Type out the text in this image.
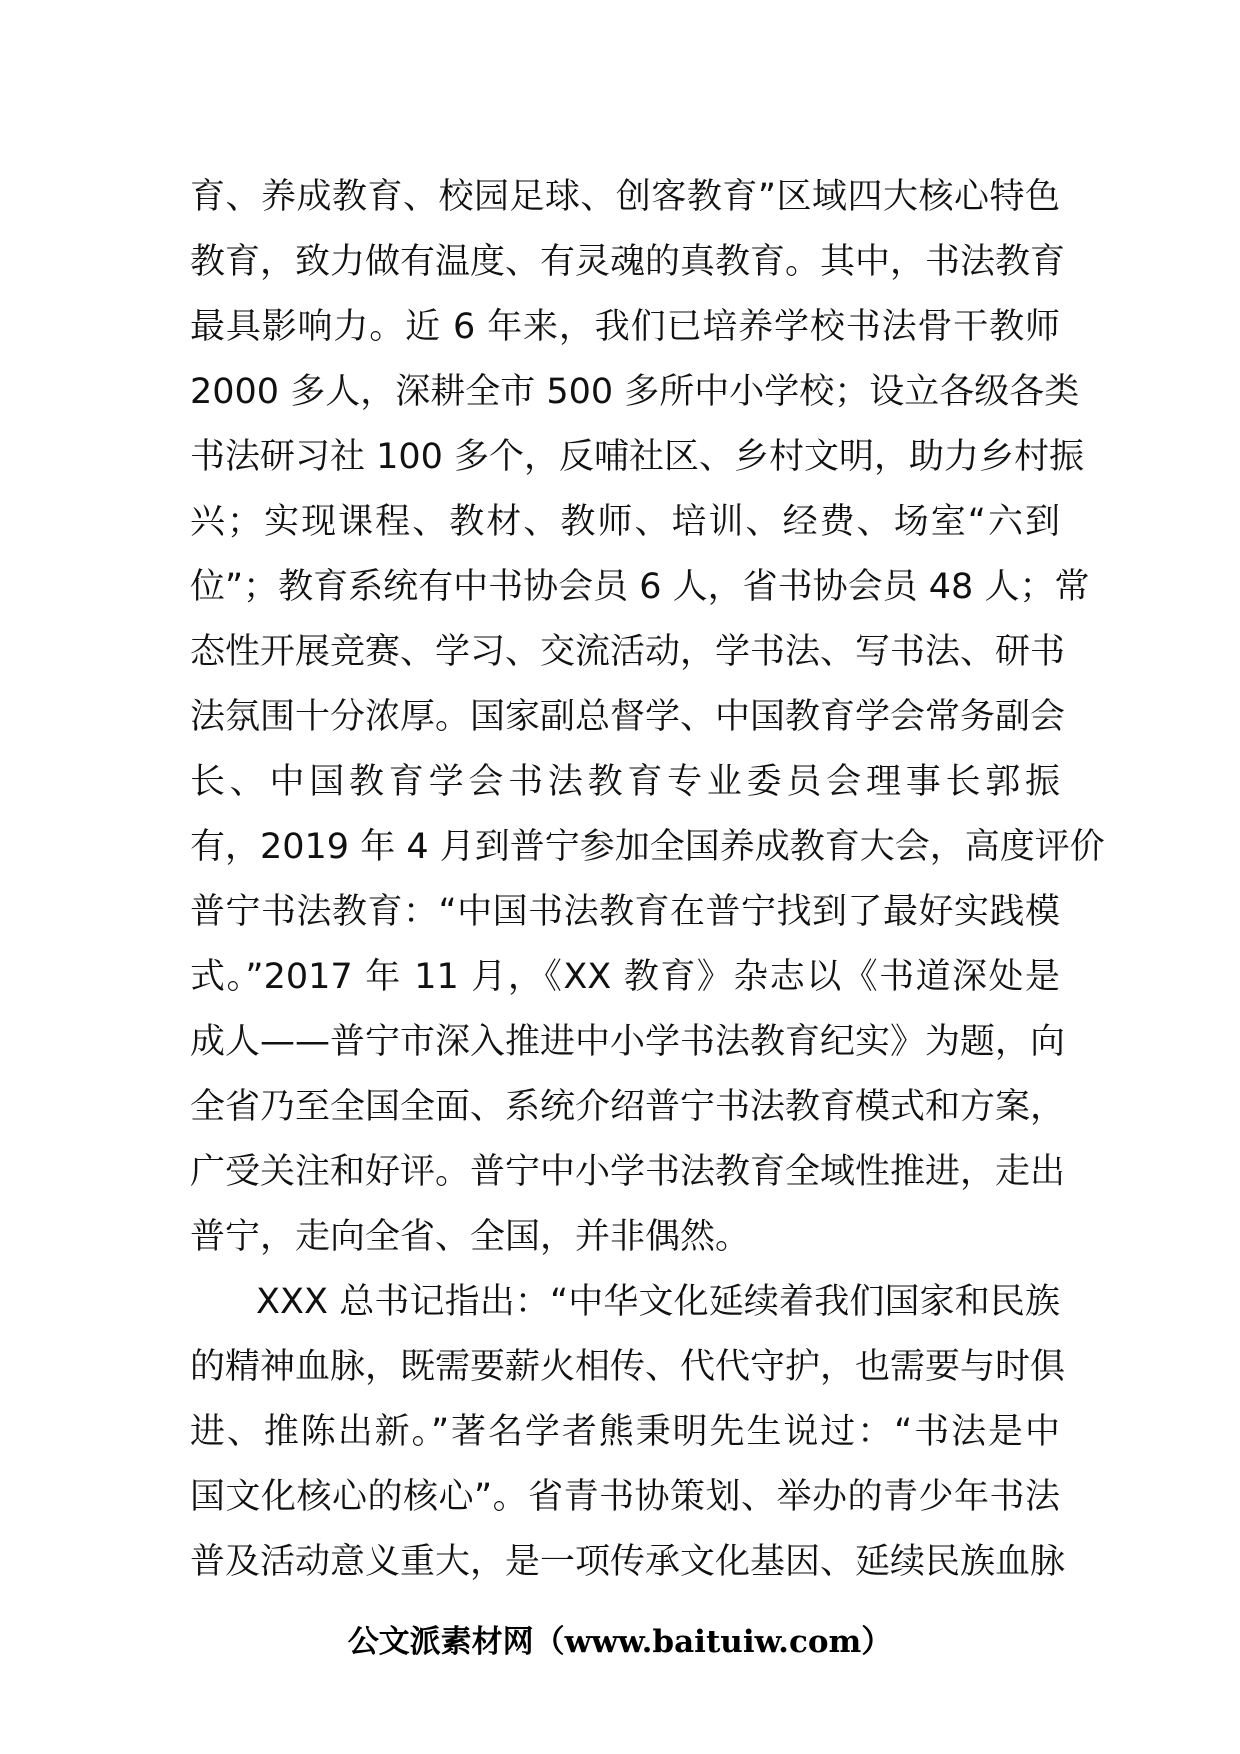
育、养成教育、校园足球、创客教育”区域四大核心特色
教育，致力做有温度、有灵魂的真教育。其中，书法教育
最具影响力。近 6 年来，我们已培养学校书法骨干教师
2000 多人，深耕全市 500 多所中小学校；设立各级各类
书法研习社 100 多个，反哺社区、乡村文明，助力乡村振
兴；实现课程、教材、教师、培训、经费、场室“六到
位”；教育系统有中书协会员 6 人，省书协会员 48 人；常
态性开展竞赛、学习、交流活动，学书法、写书法、研书
法氛围十分浓厚。国家副总督学、中国教育学会常务副会
长、中国教育学会书法教育专业委员会理事长郭振
有，2019 年 4 月到普宁参加全国养成教育大会，高度评价
普宁书法教育：“中国书法教育在普宁找到了最好实践模
式。”2017 年 11 月，《XX 教育》杂志以《书道深处是
成人——普宁市深入推进中小学书法教育纪实》为题，向
全省乃至全国全面、系统介绍普宁书法教育模式和方案，
广受关注和好评。普宁中小学书法教育全域性推进，走出
普宁，走向全省、全国，并非偶然。
XXX 总书记指出：“中华文化延续着我们国家和民族
的精神血脉，既需要薪火相传、代代守护，也需要与时俱
进、推陈出新。”著名学者熊秉明先生说过：“书法是中
国文化核心的核心”。省青书协策划、举办的青少年书法
普及活动意义重大，是一项传承文化基因、延续民族血脉
公文派素材网（www.baituiw.com）
